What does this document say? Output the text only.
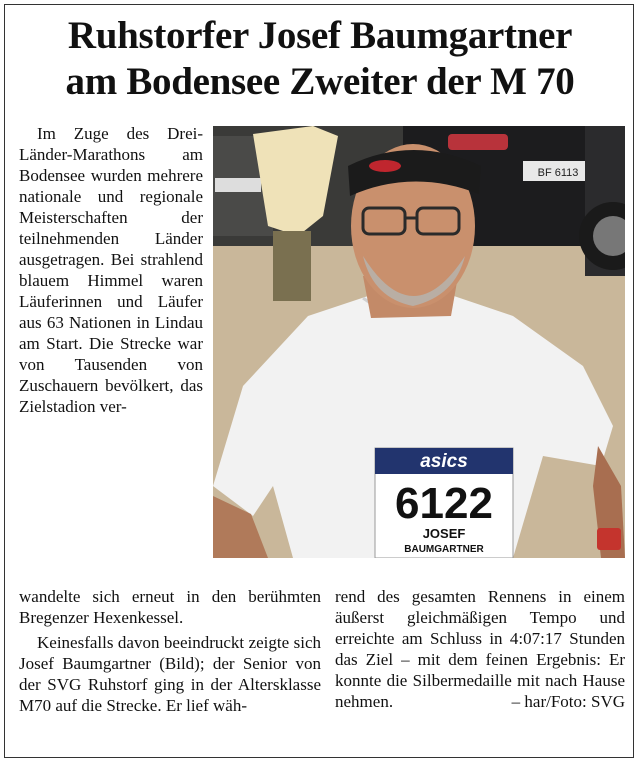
Ruhstorfer Josef Baumgartner
am Bodensee Zweiter der M 70

Im Zuge des Drei-Länder-Marathons am Bodensee wurden mehrere nationale und regionale Meisterschaften der teilnehmenden Länder ausgetragen. Bei strahlend blauem Himmel waren Läuferinnen und Läufer aus 63 Nationen in Lindau am Start. Die Strecke war von Tausenden von Zuschauern bevölkert, das Zielstadion ver-

asics
6122
JOSEF
BAUMGARTNER
BF 6113

wandelte sich erneut in den berühmten Bregenzer Hexenkessel.

Keinesfalls davon beeindruckt zeigte sich Josef Baumgartner (Bild); der Senior von der SVG Ruhstorf ging in der Altersklasse M70 auf die Strecke. Er lief wäh-

rend des gesamten Rennens in einem äußerst gleichmäßigen Tempo und erreichte am Schluss in 4:07:17 Stunden das Ziel – mit dem feinen Ergebnis: Er konnte die Silbermedaille mit nach Hause nehmen.	– har/Foto: SVG
